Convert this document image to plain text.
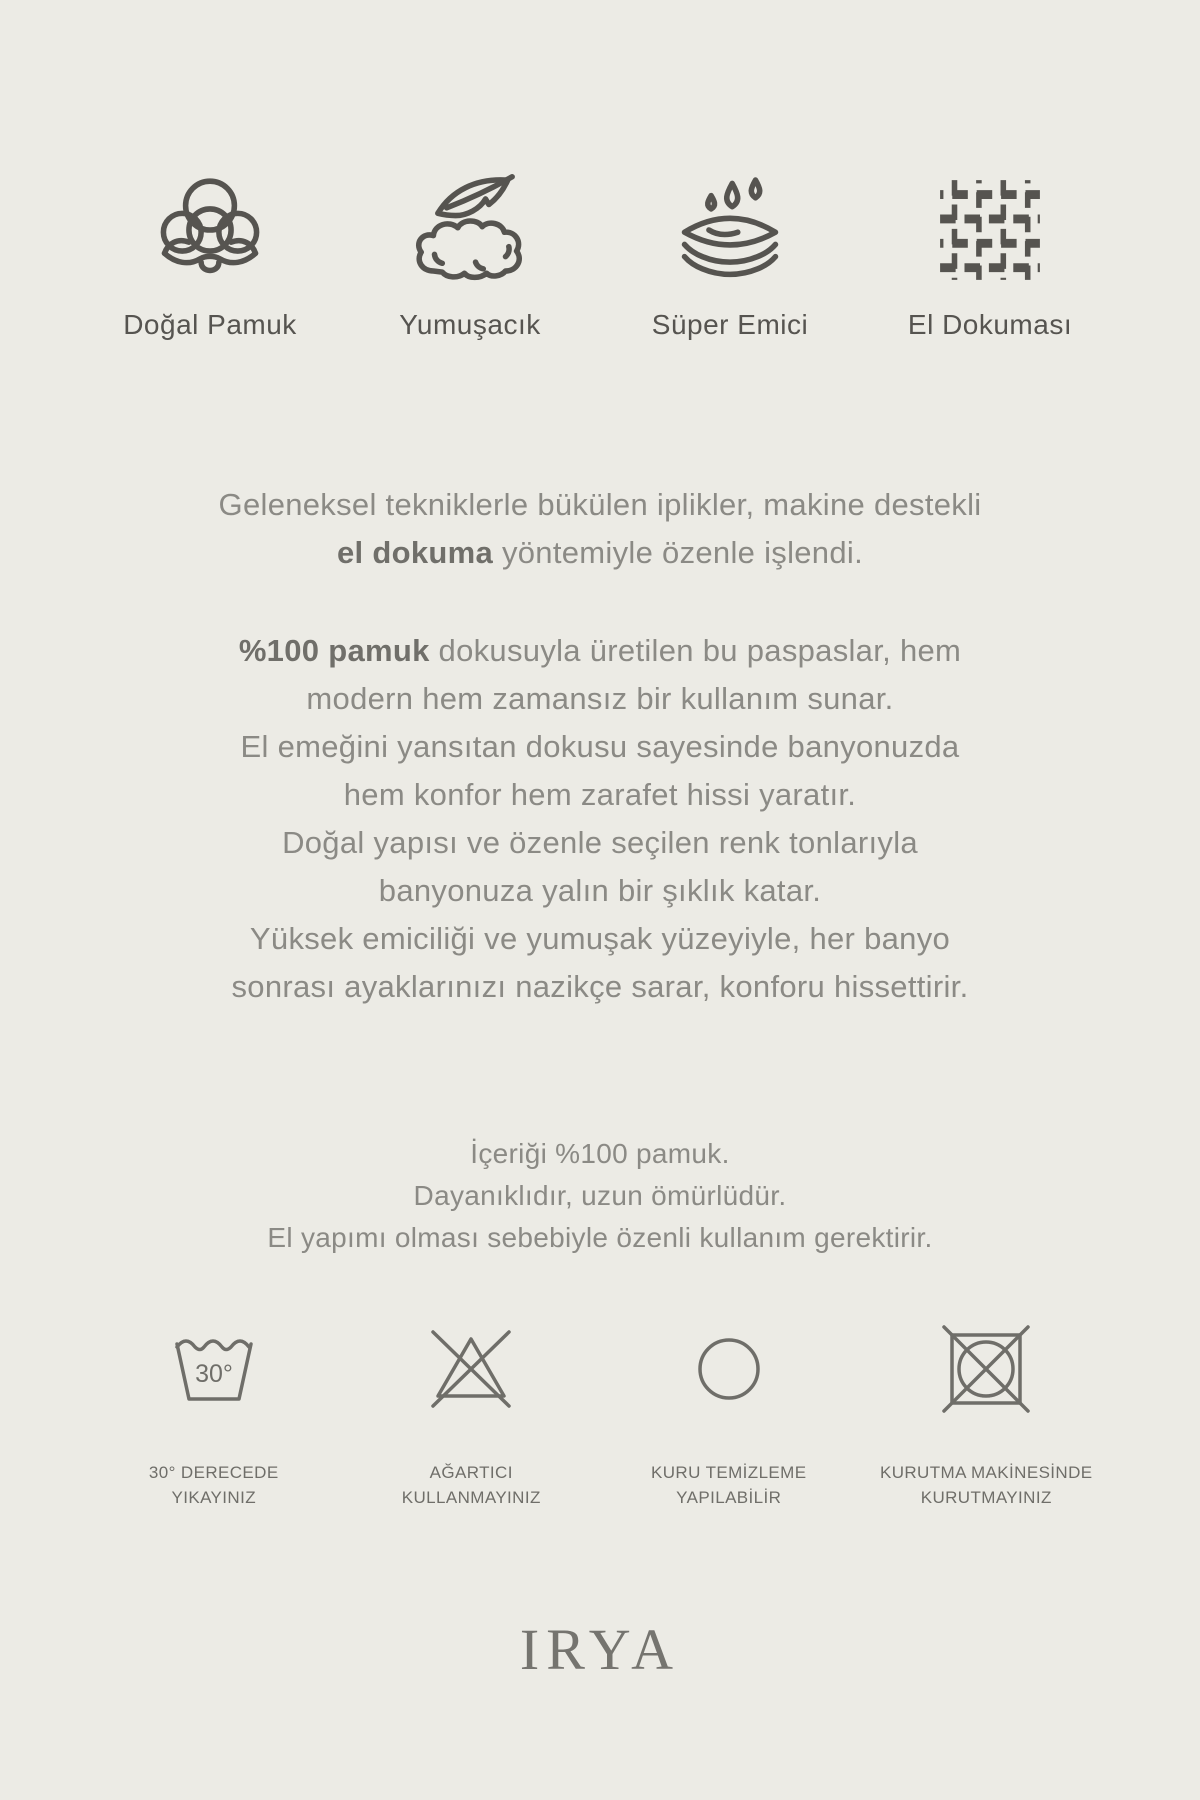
Doğal Pamuk	Yumuşacık	Süper Emici	El Dokuması
Geleneksel tekniklerle bükülen iplikler, makine destekli
el dokuma yöntemiyle özenle işlendi.
%100 pamuk dokusuyla üretilen bu paspaslar, hem
modern hem zamansız bir kullanım sunar.
El emeğini yansıtan dokusu sayesinde banyonuzda
hem konfor hem zarafet hissi yaratır.
Doğal yapısı ve özenle seçilen renk tonlarıyla
banyonuza yalın bir şıklık katar.
Yüksek emiciliği ve yumuşak yüzeyiyle, her banyo
sonrası ayaklarınızı nazikçe sarar, konforu hissettirir.
İçeriği %100 pamuk.
Dayanıklıdır, uzun ömürlüdür.
El yapımı olması sebebiyle özenli kullanım gerektirir.
30°
30° DERECEDE
YIKAYINIZ
AĞARTICI
KULLANMAYINIZ
KURU TEMİZLEME
YAPILABİLİR
KURUTMA MAKİNESİNDE
KURUTMAYINIZ
IRYA
